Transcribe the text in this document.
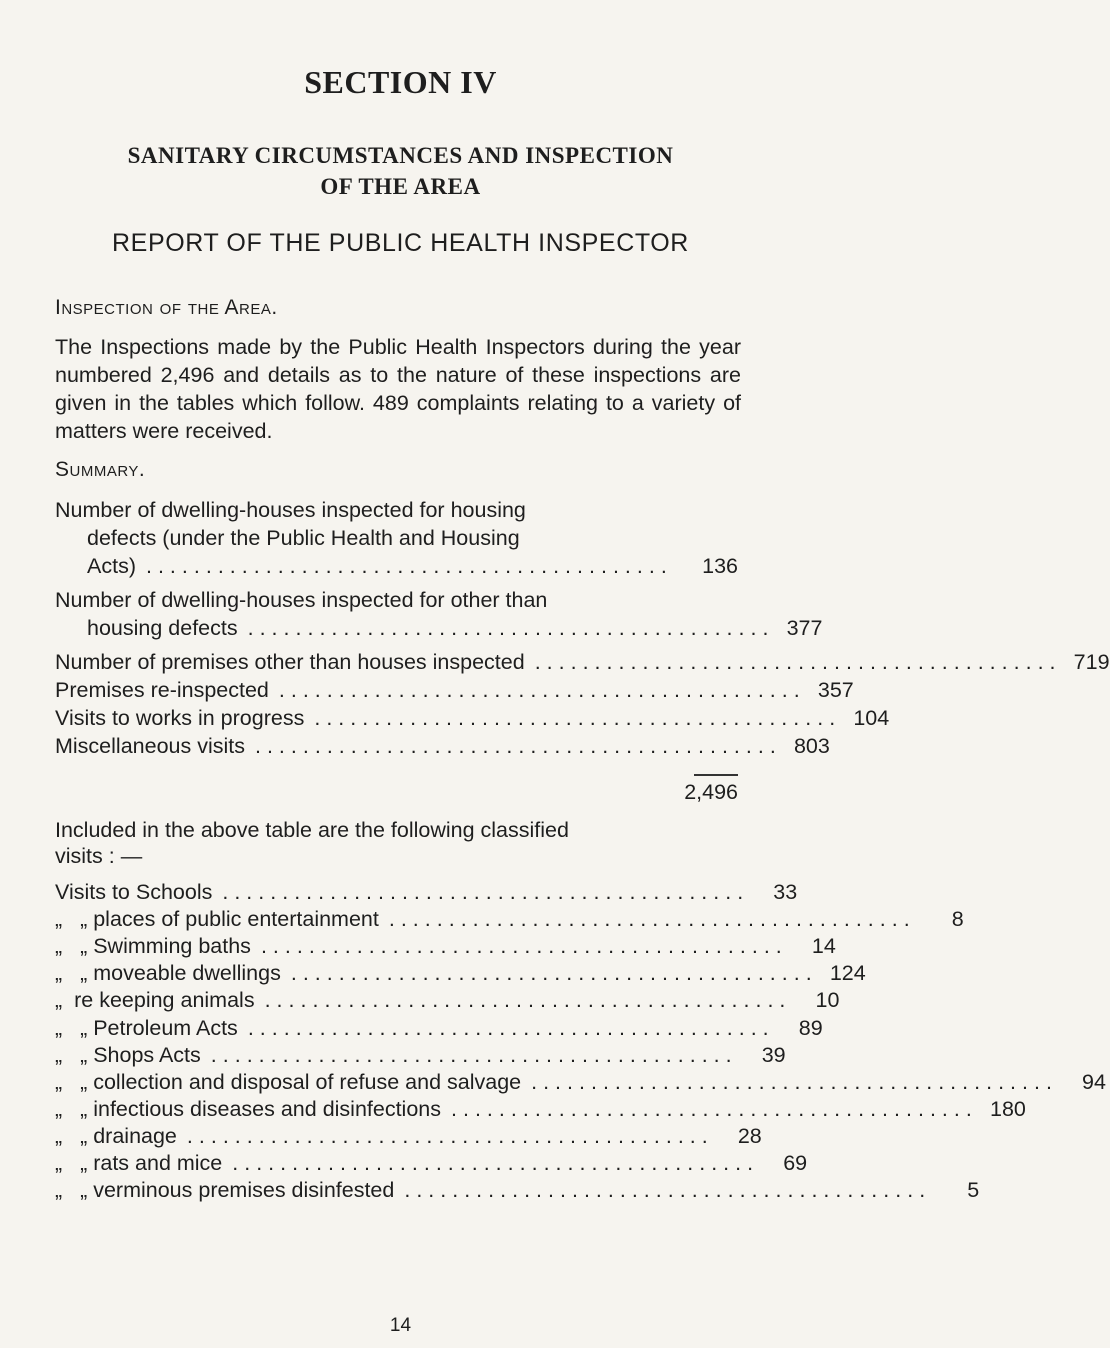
SECTION IV
SANITARY CIRCUMSTANCES AND INSPECTION
OF THE AREA
REPORT OF THE PUBLIC HEALTH INSPECTOR
Inspection of the Area.

The Inspections made by the Public Health Inspectors during the year numbered 2,496 and details as to the nature of these inspections are given in the tables which follow. 489 complaints relating to a variety of matters were received.

Summary.
Number of dwelling-houses inspected for housing
defects (under the Public Health and Housing
Acts) ............................................	136
Number of dwelling-houses inspected for other than
housing defects ............................................ 377
Number of premises other than houses inspected ............................................ 719
Premises re-inspected ............................................ 357
Visits to works in progress ............................................ 104
Miscellaneous visits ............................................ 803
2,496
Included in the above table are the following classified
visits : —
Visits to Schools ............................................	33
„   „ places of public entertainment ............................................	8
„   „ Swimming baths ............................................	14
„   „ moveable dwellings ............................................ 124
„  re keeping animals ............................................	10
„   „ Petroleum Acts ............................................	89
„   „ Shops Acts ............................................	39
„   „ collection and disposal of refuse and salvage ............................................	94
„   „ infectious diseases and disinfections ............................................ 180
„   „ drainage ............................................	28
„   „ rats and mice ............................................	69
„   „ verminous premises disinfested ............................................	5
14
